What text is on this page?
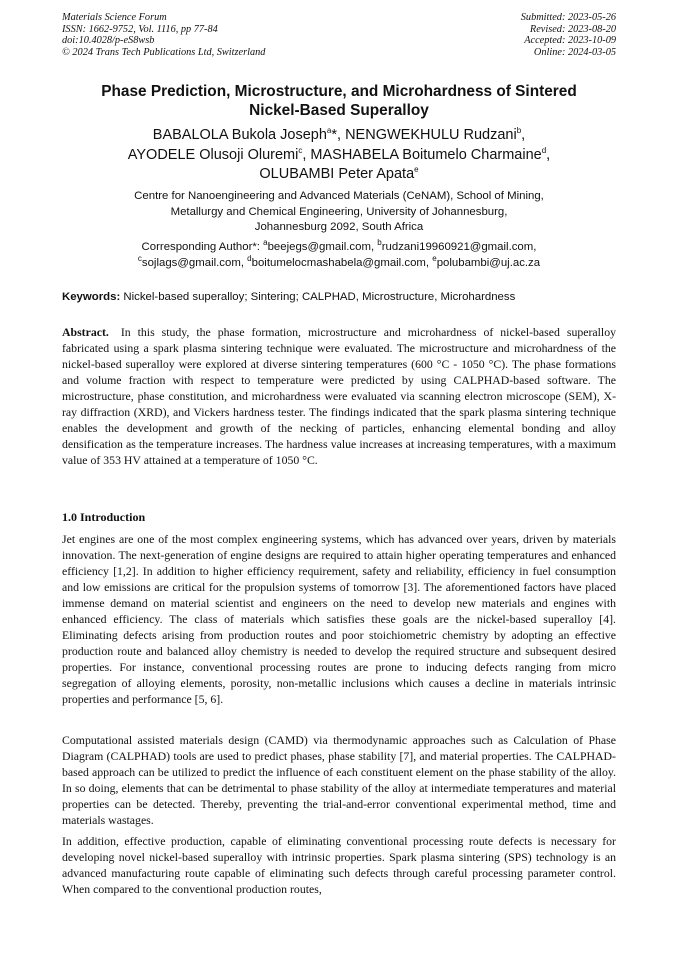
Materials Science Forum
ISSN: 1662-9752, Vol. 1116, pp 77-84
doi:10.4028/p-eS8wsb
© 2024 Trans Tech Publications Ltd, Switzerland
Submitted: 2023-05-26
Revised: 2023-08-20
Accepted: 2023-10-09
Online: 2024-03-05
Phase Prediction, Microstructure, and Microhardness of Sintered
Nickel-Based Superalloy
BABALOLA Bukola Joseph$^a$*, NENGWEKHULU Rudzani$^b$,
AYODELE Olusoji Oluremi$^c$, MASHABELA Boitumelo Charmaine$^d$,
OLUBAMBI Peter Apata$^e$
Centre for Nanoengineering and Advanced Materials (CeNAM), School of Mining,
Metallurgy and Chemical Engineering, University of Johannesburg,
Johannesburg 2092, South Africa
Corresponding Author*: $^a$beejegs@gmail.com, $^b$rudzani19960921@gmail.com,
$^c$sojlags@gmail.com, $^d$boitumelocmashabela@gmail.com, $^e$polubambi@uj.ac.za
Keywords: Nickel-based superalloy; Sintering; CALPHAD, Microstructure, Microhardness

Abstract. In this study, the phase formation, microstructure and microhardness of nickel-based superalloy fabricated using a spark plasma sintering technique were evaluated. The microstructure and microhardness of the nickel-based superalloy were explored at diverse sintering temperatures (600 °C - 1050 °C). The phase formations and volume fraction with respect to temperature were predicted by using CALPHAD-based software. The microstructure, phase constitution, and microhardness were evaluated via scanning electron microscope (SEM), X-ray diffraction (XRD), and Vickers hardness tester. The findings indicated that the spark plasma sintering technique enables the development and growth of the necking of particles, enhancing elemental bonding and alloy densification as the temperature increases. The hardness value increases at increasing temperatures, with a maximum value of 353 HV attained at a temperature of 1050 °C.

1.0 Introduction

Jet engines are one of the most complex engineering systems, which has advanced over years, driven by materials innovation. The next-generation of engine designs are required to attain higher operating temperatures and enhanced efficiency [1,2]. In addition to higher efficiency requirement, safety and reliability, efficiency in fuel consumption and low emissions are critical for the propulsion systems of tomorrow [3]. The aforementioned factors have placed immense demand on material scientist and engineers on the need to develop new materials and engines with enhanced efficiency. The class of materials which satisfies these goals are the nickel-based superalloy [4]. Eliminating defects arising from production routes and poor stoichiometric chemistry by adopting an effective production route and balanced alloy chemistry is needed to develop the required structure and subsequent desired properties. For instance, conventional processing routes are prone to inducing defects ranging from micro segregation of alloying elements, porosity, non-metallic inclusions which causes a decline in materials intrinsic properties and performance [5, 6].

Computational assisted materials design (CAMD) via thermodynamic approaches such as Calculation of Phase Diagram (CALPHAD) tools are used to predict phases, phase stability [7], and material properties. The CALPHAD-based approach can be utilized to predict the influence of each constituent element on the phase stability of the alloy. In so doing, elements that can be detrimental to phase stability of the alloy at intermediate temperatures and material properties can be detected. Thereby, preventing the trial-and-error conventional experimental method, time and materials wastages.

In addition, effective production, capable of eliminating conventional processing route defects is necessary for developing novel nickel-based superalloy with intrinsic properties. Spark plasma sintering (SPS) technology is an advanced manufacturing route capable of eliminating such defects through careful processing parameter control. When compared to the conventional production routes,
